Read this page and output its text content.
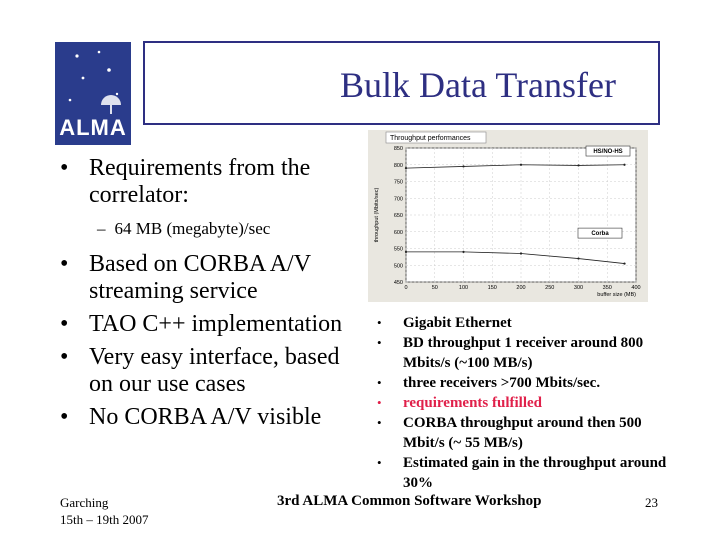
ALMA
Bulk Data Transfer
• Requirements from the correlator:
• Based on CORBA A/V streaming service
• TAO C++ implementation
• Very easy interface, based on our use cases
• No CORBA A/V visible
– 64 MB (megabyte)/sec
Throughput performances
850
800
750
700
650
600
550
500
450
0	50	100	150	200	250	300	350	400
throughput (Mbits/sec)
buffer size (MB)
HS/NO-HS
Corba
• Gigabit Ethernet
• BD throughput 1 receiver around 800 Mbits/s (~100 MB/s)
• three receivers >700 Mbits/sec.
• requirements fulfilled
• CORBA throughput around then 500 Mbit/s (~ 55 MB/s)
• Estimated gain in the throughput around 30%
Garching
15th – 19th 2007
3rd ALMA Common Software Workshop	23
